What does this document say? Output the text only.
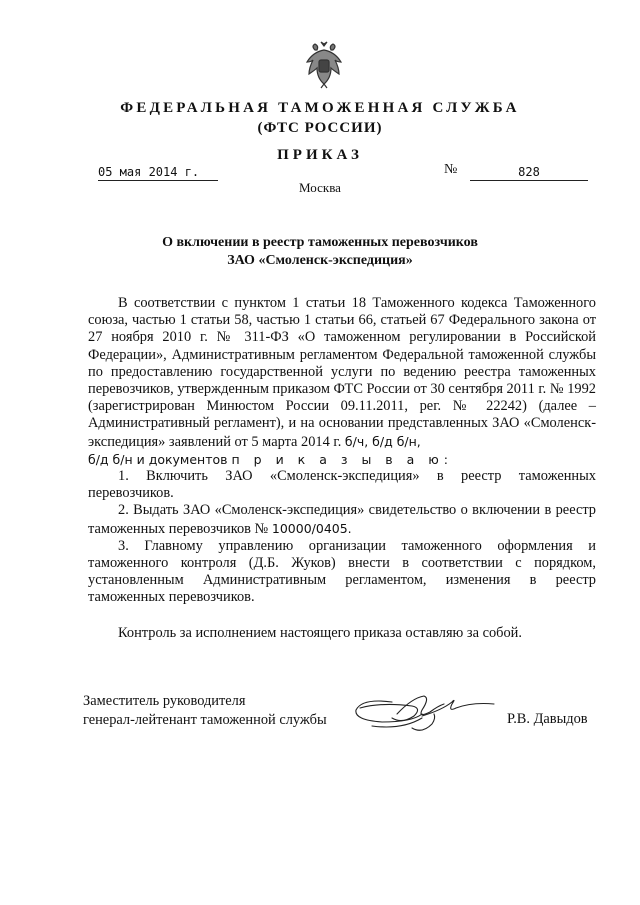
ФЕДЕРАЛЬНАЯ ТАМОЖЕННАЯ СЛУЖБА
(ФТС РОССИИ)
ПРИКАЗ
05 мая 2014 г.	№	828
Москва
О включении в реестр таможенных перевозчиков
ЗАО «Смоленск-экспедиция»

В соответствии с пунктом 1 статьи 18 Таможенного кодекса Таможенного союза, частью 1 статьи 58, частью 1 статьи 66, статьей 67 Федерального закона от 27 ноября 2010 г. № 311-ФЗ «О таможенном регулировании в Российской Федерации», Административным регламентом Федеральной таможенной службы по предоставлению государственной услуги по ведению реестра таможенных перевозчиков, утвержденным приказом ФТС России от 30 сентября 2011 г. № 1992 (зарегистрирован Минюстом России 09.11.2011, рег. № 22242) (далее – Административный регламент), и на основании представленных ЗАО «Смоленск-экспедиция» заявлений от 5 марта 2014 г. б/ч, б/д б/н,
б/д б/н и документов п р и к а з ы в а ю:

1. Включить ЗАО «Смоленск-экспедиция» в реестр таможенных перевозчиков.

2. Выдать ЗАО «Смоленск-экспедиция» свидетельство о включении в реестр таможенных перевозчиков № 10000/0405.

3. Главному управлению организации таможенного оформления и таможенного контроля (Д.Б. Жуков) внести в соответствии с порядком, установленным Административным регламентом, изменения в реестр таможенных перевозчиков.

Контроль за исполнением настоящего приказа оставляю за собой.
Заместитель руководителя
генерал-лейтенант таможенной службы	Р.В. Давыдов
